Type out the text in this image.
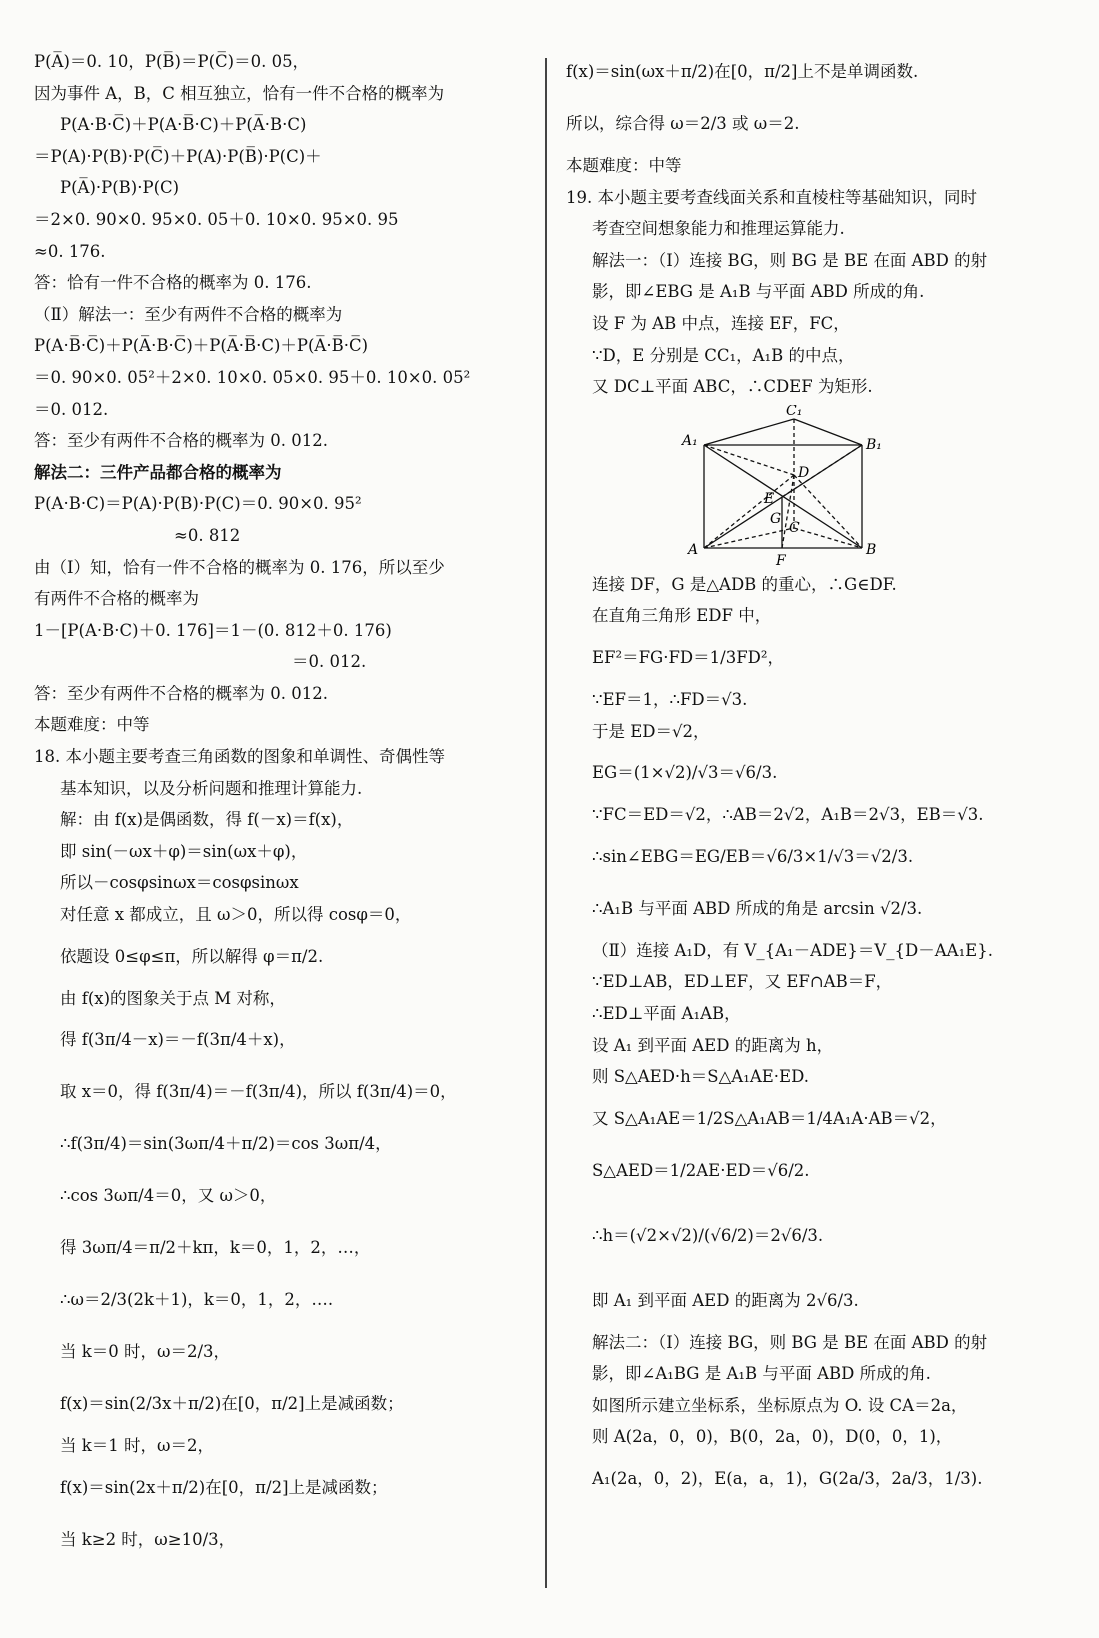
P(A̅)＝0. 10，P(B̅)＝P(C̅)＝0. 05，
因为事件 A，B，C 相互独立，恰有一件不合格的概率为
P(A·B·C̅)＋P(A·B̅·C)＋P(A̅·B·C)
＝P(A)·P(B)·P(C̅)＋P(A)·P(B̅)·P(C)＋
P(A̅)·P(B)·P(C)
＝2×0. 90×0. 95×0. 05＋0. 10×0. 95×0. 95
≈0. 176.
答：恰有一件不合格的概率为 0. 176.
（Ⅱ）解法一：至少有两件不合格的概率为
P(A·B̅·C̅)＋P(A̅·B·C̅)＋P(A̅·B̅·C)＋P(A̅·B̅·C̅)
＝0. 90×0. 05²＋2×0. 10×0. 05×0. 95＋0. 10×0. 05²
＝0. 012.
答：至少有两件不合格的概率为 0. 012.
解法二：三件产品都合格的概率为
P(A·B·C)＝P(A)·P(B)·P(C)＝0. 90×0. 95²
≈0. 812
由（Ⅰ）知，恰有一件不合格的概率为 0. 176，所以至少
有两件不合格的概率为
1－[P(A·B·C)＋0. 176]＝1－(0. 812＋0. 176)
＝0. 012.
答：至少有两件不合格的概率为 0. 012.
本题难度：中等
18. 本小题主要考查三角函数的图象和单调性、奇偶性等
基本知识，以及分析问题和推理计算能力.
解：由 f(x)是偶函数，得 f(－x)＝f(x)，
即 sin(－ωx＋φ)＝sin(ωx＋φ)，
所以－cosφsinωx＝cosφsinωx
对任意 x 都成立，且 ω＞0，所以得 cosφ＝0，
依题设 0≤φ≤π，所以解得 φ＝π/2.
由 f(x)的图象关于点 M 对称，
得 f(3π/4－x)＝－f(3π/4＋x)，
取 x＝0，得 f(3π/4)＝－f(3π/4)，所以 f(3π/4)＝0，
∴f(3π/4)＝sin(3ωπ/4＋π/2)＝cos 3ωπ/4，
∴cos 3ωπ/4＝0，又 ω＞0，
得 3ωπ/4＝π/2＋kπ，k＝0，1，2，…，
∴ω＝2/3(2k＋1)，k＝0，1，2，….
当 k＝0 时，ω＝2/3，
f(x)＝sin(2/3x＋π/2)在[0，π/2]上是减函数；
当 k＝1 时，ω＝2，
f(x)＝sin(2x＋π/2)在[0，π/2]上是减函数；
当 k≥2 时，ω≥10/3，
f(x)＝sin(ωx＋π/2)在[0，π/2]上不是单调函数.
所以，综合得 ω＝2/3 或 ω＝2.
本题难度：中等
19. 本小题主要考查线面关系和直棱柱等基础知识，同时
考查空间想象能力和推理运算能力.
解法一：（Ⅰ）连接 BG，则 BG 是 BE 在面 ABD 的射
影，即∠EBG 是 A₁B 与平面 ABD 所成的角.
设 F 为 AB 中点，连接 EF，FC，
∵D，E 分别是 CC₁，A₁B 的中点，
又 DC⊥平面 ABC，∴CDEF 为矩形.
C₁
A₁	B₁
D
E
G
C
A	B
F
连接 DF，G 是△ADB 的重心，∴G∈DF.
在直角三角形 EDF 中，
EF²＝FG·FD＝1/3FD²，
∵EF＝1，∴FD＝√3.
于是 ED＝√2，
EG＝(1×√2)/√3＝√6/3.
∵FC＝ED＝√2，∴AB＝2√2，A₁B＝2√3，EB＝√3.
∴sin∠EBG＝EG/EB＝√6/3×1/√3＝√2/3.
∴A₁B 与平面 ABD 所成的角是 arcsin √2/3.
（Ⅱ）连接 A₁D，有 V_{A₁－ADE}＝V_{D－AA₁E}.
∵ED⊥AB，ED⊥EF，又 EF∩AB＝F，
∴ED⊥平面 A₁AB，
设 A₁ 到平面 AED 的距离为 h，
则 S△AED·h＝S△A₁AE·ED.
又 S△A₁AE＝1/2S△A₁AB＝1/4A₁A·AB＝√2，
S△AED＝1/2AE·ED＝√6/2.
∴h＝(√2×√2)/(√6/2)＝2√6/3.
即 A₁ 到平面 AED 的距离为 2√6/3.
解法二：（Ⅰ）连接 BG，则 BG 是 BE 在面 ABD 的射
影，即∠A₁BG 是 A₁B 与平面 ABD 所成的角.
如图所示建立坐标系，坐标原点为 O. 设 CA＝2a，
则 A(2a，0，0)，B(0，2a，0)，D(0，0，1)，
A₁(2a，0，2)，E(a，a，1)，G(2a/3，2a/3，1/3).
